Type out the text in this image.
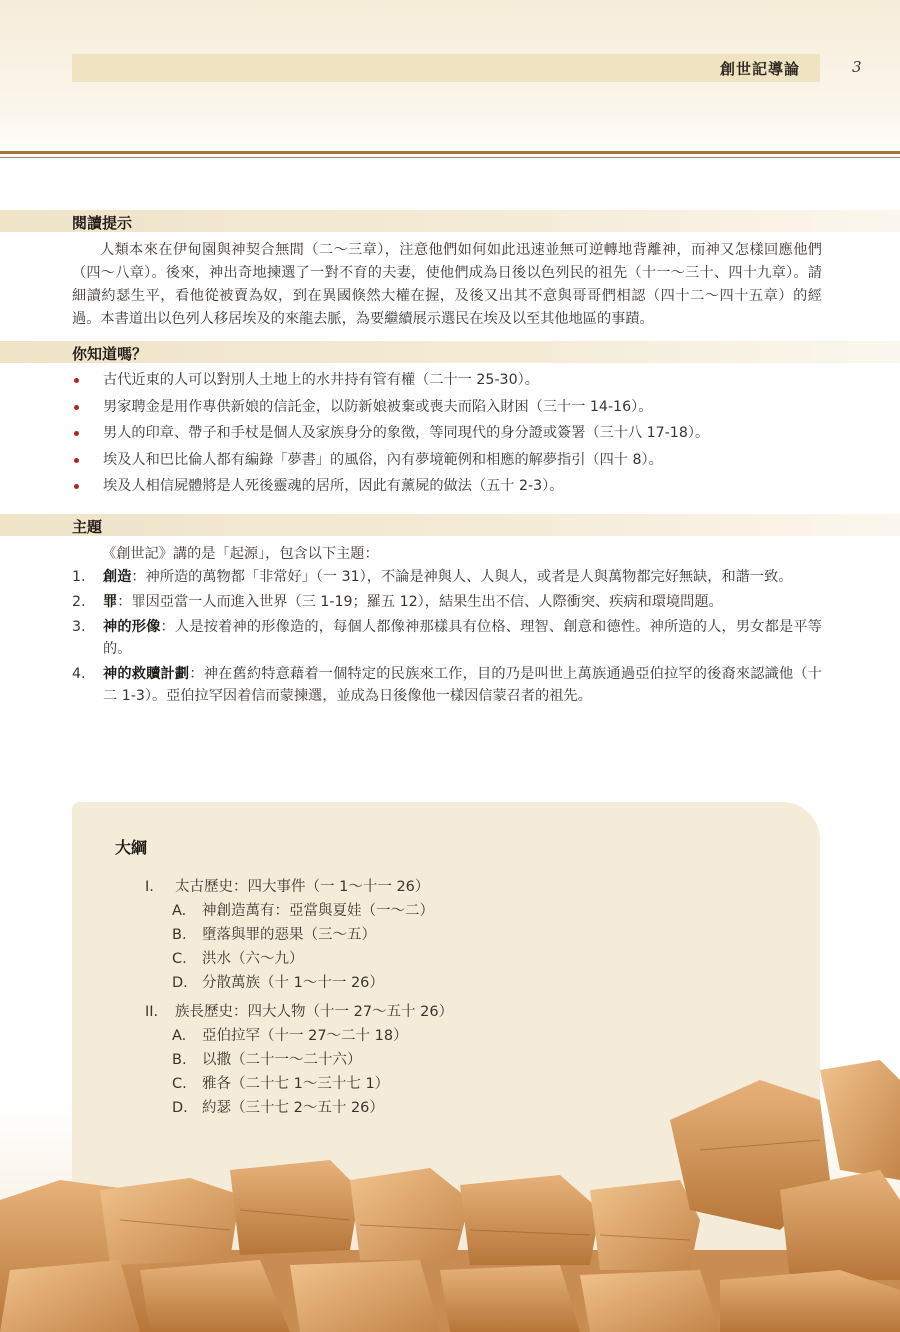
創世記導論	3
閱讀提示
人類本來在伊甸園與神契合無間（二～三章），注意他們如何如此迅速並無可逆轉地背離神，而神又怎樣回應他們（四～八章）。後來，神出奇地揀選了一對不育的夫妻，使他們成為日後以色列民的祖先（十一～三十、四十九章）。請細讀約瑟生平，看他從被賣為奴，到在異國倏然大權在握，及後又出其不意與哥哥們相認（四十二～四十五章）的經過。本書道出以色列人移居埃及的來龍去脈，為要繼續展示選民在埃及以至其他地區的事蹟。
你知道嗎？
古代近東的人可以對別人土地上的水井持有管有權（二十一 25-30）。
男家聘金是用作專供新娘的信託金，以防新娘被棄或喪夫而陷入財困（三十一 14-16）。
男人的印章、帶子和手杖是個人及家族身分的象徵，等同現代的身分證或簽署（三十八 17-18）。
埃及人和巴比倫人都有編錄「夢書」的風俗，內有夢境範例和相應的解夢指引（四十 8）。
埃及人相信屍體將是人死後靈魂的居所，因此有薰屍的做法（五十 2-3）。
主題
《創世記》講的是「起源」，包含以下主題：
1. 創造：神所造的萬物都「非常好」（一 31），不論是神與人、人與人，或者是人與萬物都完好無缺，和諧一致。
2. 罪：罪因亞當一人而進入世界（三 1-19；羅五 12），結果生出不信、人際衝突、疾病和環境問題。
3. 神的形像：人是按着神的形像造的，每個人都像神那樣具有位格、理智、創意和德性。神所造的人，男女都是平等的。
4. 神的救贖計劃：神在舊約特意藉着一個特定的民族來工作，目的乃是叫世上萬族通過亞伯拉罕的後裔來認識他（十二 1-3）。亞伯拉罕因着信而蒙揀選，並成為日後像他一樣因信蒙召者的祖先。
大綱
I. 太古歷史：四大事件（一 1～十一 26）
A. 神創造萬有：亞當與夏娃（一～二）
B. 墮落與罪的惡果（三～五）
C. 洪水（六～九）
D. 分散萬族（十 1～十一 26）
II. 族長歷史：四大人物（十一 27～五十 26）
A. 亞伯拉罕（十一 27～二十 18）
B. 以撒（二十一～二十六）
C. 雅各（二十七 1～三十七 1）
D. 約瑟（三十七 2～五十 26）
